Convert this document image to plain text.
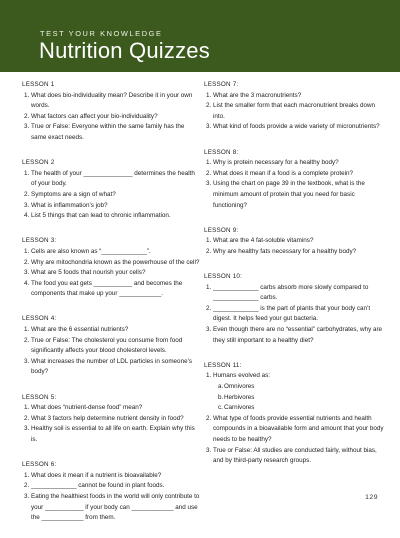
TEST YOUR KNOWLEDGE
Nutrition Quizzes
LESSON 1
1. What does bio-individuality mean? Describe it in your own words.
2. What factors can affect your bio-individuality?
3. True or False: Everyone within the same family has the same exact needs.
LESSON 2
1. The health of your ______________ determines the health of your body.
2. Symptoms are a sign of what?
3. What is inflammation’s job?
4. List 5 things that can lead to chronic inflammation.
LESSON 3:
1. Cells are also known as “_____________”.
2. Why are mitochondria known as the powerhouse of the cell?
3. What are 5 foods that nourish your cells?
4. The food you eat gets ___________ and becomes the components that make up your ____________.
LESSON 4:
1. What are the 6 essential nutrients?
2. True or False: The cholesterol you consume from food significantly affects your blood cholesterol levels.
3. What increases the number of LDL particles in someone’s body?
LESSON 5:
1. What does “nutrient-dense food” mean?
2. What 3 factors help determine nutrient density in food?
3. Healthy soil is essential to all life on earth. Explain why this is.
LESSON 6:
1. What does it mean if a nutrient is bioavailable?
2. _____________ cannot be found in plant foods.
3. Eating the healthiest foods in the world will only contribute to your ___________ if your body can ____________ and use the ____________ from them.
LESSON 7:
1. What are the 3 macronutrients?
2. List the smaller form that each macronutrient breaks down into.
3. What kind of foods provide a wide variety of micronutrients?
LESSON 8:
1. Why is protein necessary for a healthy body?
2. What does it mean if a food is a complete protein?
3. Using the chart on page 39 in the textbook, what is the minimum amount of protein that you need for basic functioning?
LESSON 9:
1. What are the 4 fat-soluble vitamins?
2. Why are healthy fats necessary for a healthy body?
LESSON 10:
1. _____________ carbs absorb more slowly compared to _____________ carbs.
2. _____________ is the part of plants that your body can’t digest. It helps feed your gut bacteria.
3. Even though there are no “essential” carbohydrates, why are they still important to a healthy diet?
LESSON 11:
1. Humans evolved as:
a. Omnivores
b. Herbivores
c. Carnivores
2. What type of foods provide essential nutrients and health compounds in a bioavailable form and amount that your body needs to be healthy?
3. True or False: All studies are conducted fairly, without bias, and by third-party research groups.
129
